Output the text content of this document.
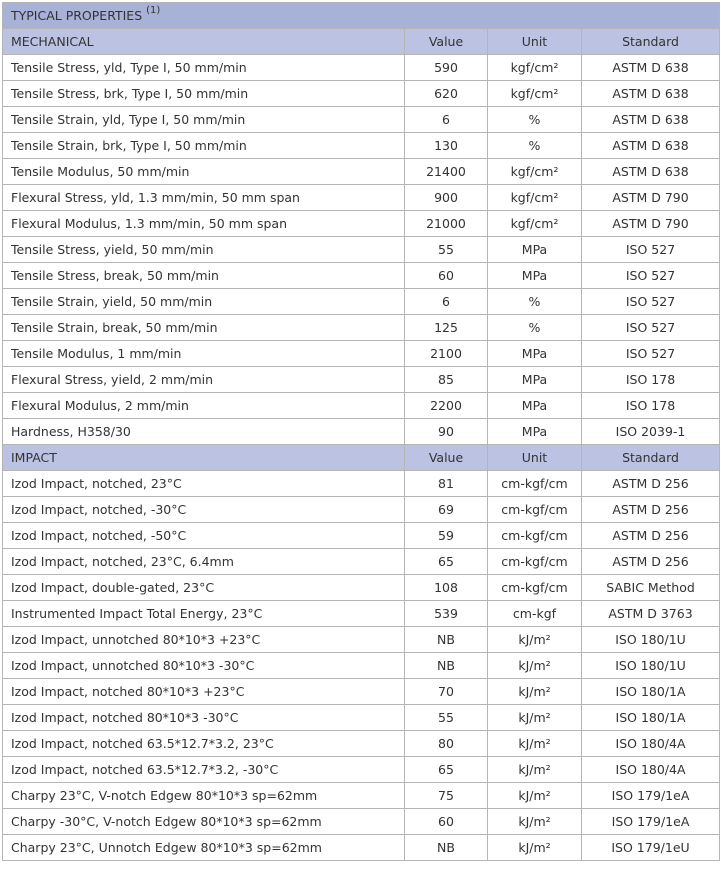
TYPICAL PROPERTIES $^{(1)}$
MECHANICAL	Value	Unit	Standard
Tensile Stress, yld, Type I, 50 mm/min	590	kgf/cm²	ASTM D 638
Tensile Stress, brk, Type I, 50 mm/min	620	kgf/cm²	ASTM D 638
Tensile Strain, yld, Type I, 50 mm/min	6	%	ASTM D 638
Tensile Strain, brk, Type I, 50 mm/min	130	%	ASTM D 638
Tensile Modulus, 50 mm/min	21400	kgf/cm²	ASTM D 638
Flexural Stress, yld, 1.3 mm/min, 50 mm span	900	kgf/cm²	ASTM D 790
Flexural Modulus, 1.3 mm/min, 50 mm span	21000	kgf/cm²	ASTM D 790
Tensile Stress, yield, 50 mm/min	55	MPa	ISO 527
Tensile Stress, break, 50 mm/min	60	MPa	ISO 527
Tensile Strain, yield, 50 mm/min	6	%	ISO 527
Tensile Strain, break, 50 mm/min	125	%	ISO 527
Tensile Modulus, 1 mm/min	2100	MPa	ISO 527
Flexural Stress, yield, 2 mm/min	85	MPa	ISO 178
Flexural Modulus, 2 mm/min	2200	MPa	ISO 178
Hardness, H358/30	90	MPa	ISO 2039-1
IMPACT	Value	Unit	Standard
Izod Impact, notched, 23°C	81	cm-kgf/cm	ASTM D 256
Izod Impact, notched, -30°C	69	cm-kgf/cm	ASTM D 256
Izod Impact, notched, -50°C	59	cm-kgf/cm	ASTM D 256
Izod Impact, notched, 23°C, 6.4mm	65	cm-kgf/cm	ASTM D 256
Izod Impact, double-gated, 23°C	108	cm-kgf/cm	SABIC Method
Instrumented Impact Total Energy, 23°C	539	cm-kgf	ASTM D 3763
Izod Impact, unnotched 80*10*3 +23°C	NB	kJ/m²	ISO 180/1U
Izod Impact, unnotched 80*10*3 -30°C	NB	kJ/m²	ISO 180/1U
Izod Impact, notched 80*10*3 +23°C	70	kJ/m²	ISO 180/1A
Izod Impact, notched 80*10*3 -30°C	55	kJ/m²	ISO 180/1A
Izod Impact, notched 63.5*12.7*3.2, 23°C	80	kJ/m²	ISO 180/4A
Izod Impact, notched 63.5*12.7*3.2, -30°C	65	kJ/m²	ISO 180/4A
Charpy 23°C, V-notch Edgew 80*10*3 sp=62mm	75	kJ/m²	ISO 179/1eA
Charpy -30°C, V-notch Edgew 80*10*3 sp=62mm	60	kJ/m²	ISO 179/1eA
Charpy 23°C, Unnotch Edgew 80*10*3 sp=62mm	NB	kJ/m²	ISO 179/1eU
